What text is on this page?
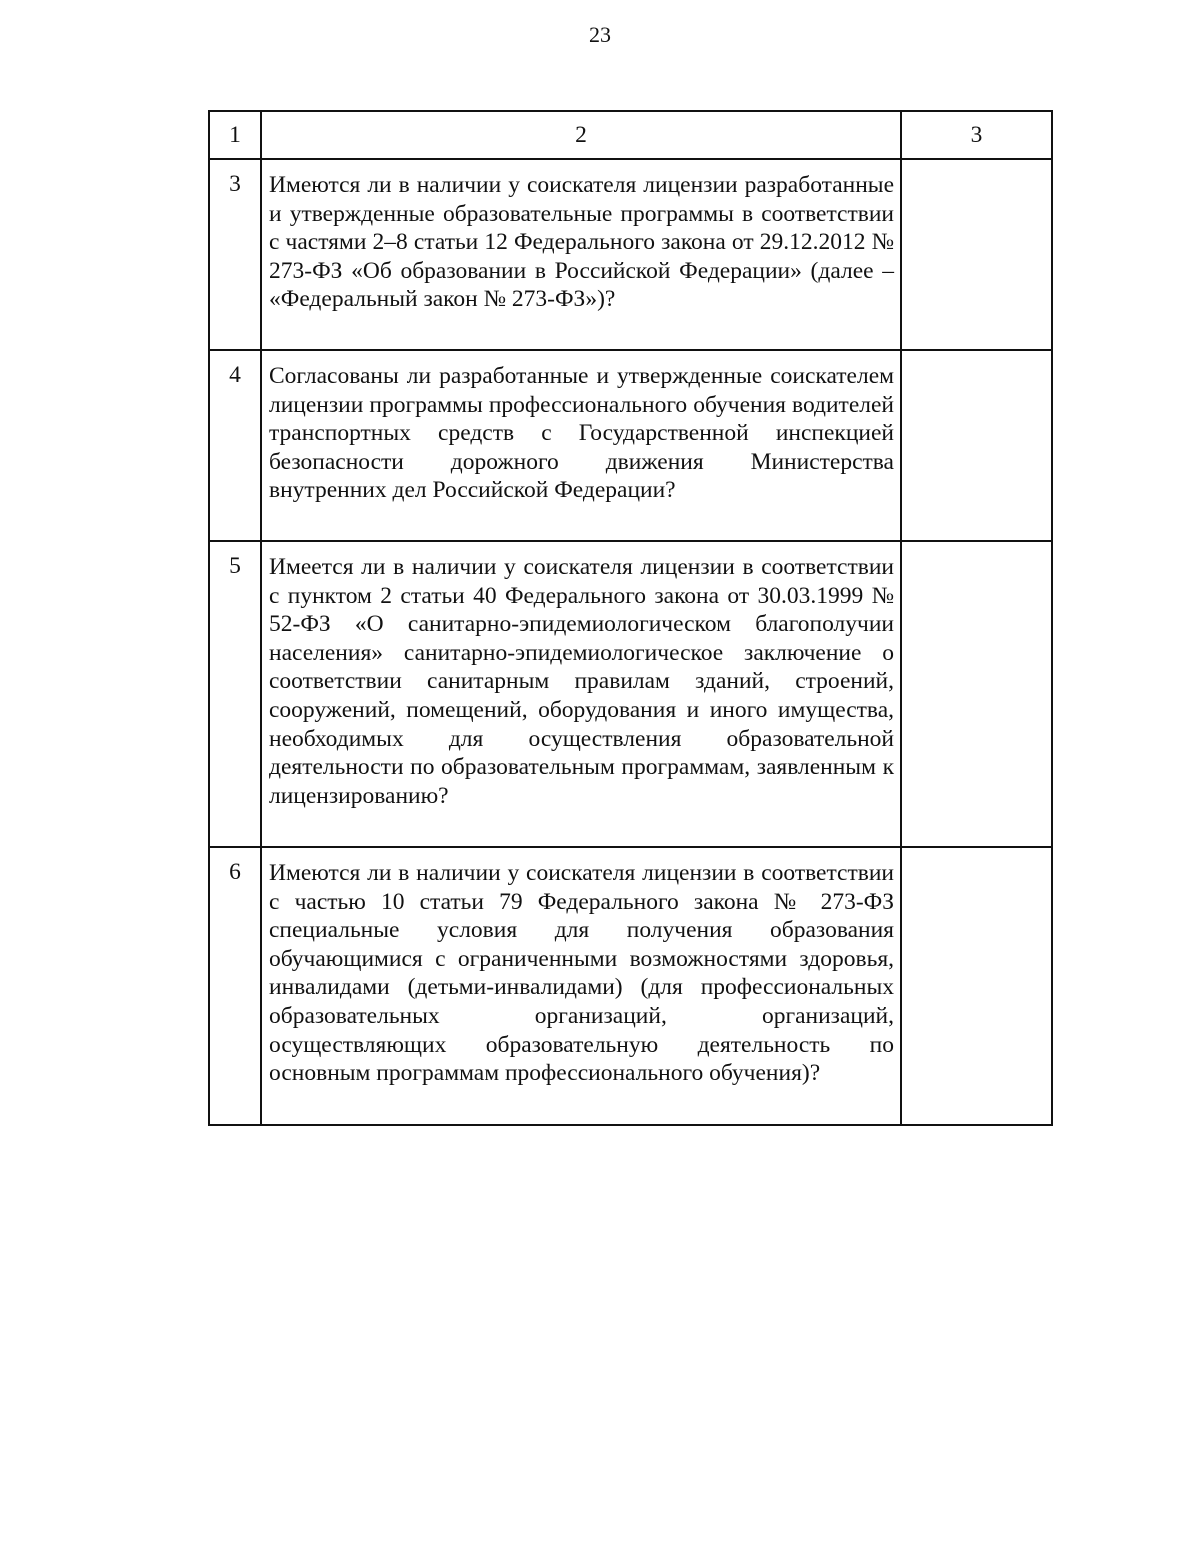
23
1	2	3
3	Имеются ли в наличии у соискателя лицензии разработанные и утвержденные образовательные программы в соответствии с частями 2–8 статьи 12 Федерального закона от 29.12.2012 № 273-ФЗ «Об образовании в Российской Федерации» (далее – «Федеральный закон № 273-ФЗ»)?	
4	Согласованы ли разработанные и утвержденные соискателем лицензии программы профессионального обучения водителей транспортных средств с Государственной инспекцией безопасности дорожного движения Министерства внутренних дел Российской Федерации?	
5	Имеется ли в наличии у соискателя лицензии в соответствии с пунктом 2 статьи 40 Федерального закона от 30.03.1999 № 52-ФЗ «О санитарно-эпидемиологическом благополучии населения» санитарно-эпидемиологическое заключение о соответствии санитарным правилам зданий, строений, сооружений, помещений, оборудования и иного имущества, необходимых для осуществления образовательной деятельности по образовательным программам, заявленным к лицензированию?	
6	Имеются ли в наличии у соискателя лицензии в соответствии с частью 10 статьи 79 Федерального закона № 273-ФЗ специальные условия для получения образования обучающимися с ограниченными возможностями здоровья, инвалидами (детьми-инвалидами) (для профессиональных образовательных организаций, организаций, осуществляющих образовательную деятельность по основным программам профессионального обучения)?	
